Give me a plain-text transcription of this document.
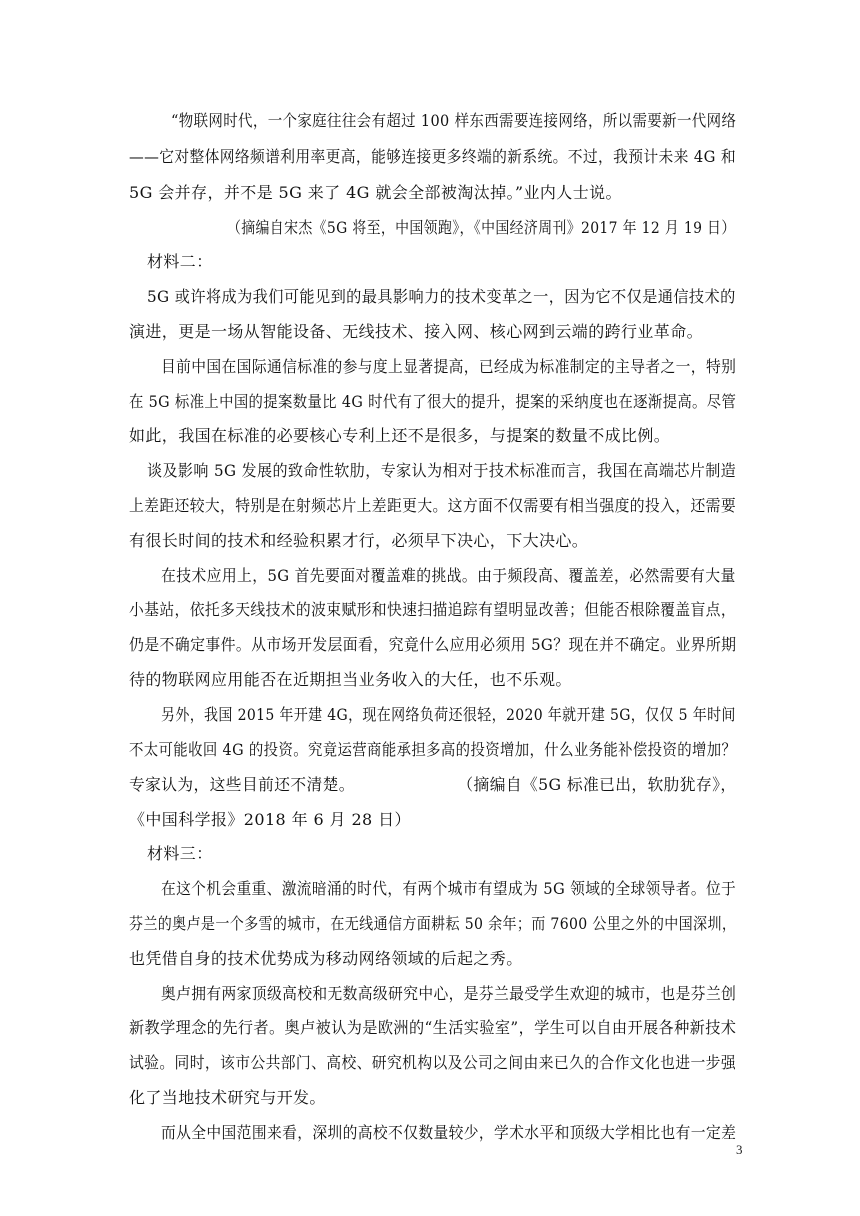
“物联网时代，一个家庭往往会有超过 100 样东西需要连接网络，所以需要新一代网络
——它对整体网络频谱利用率更高，能够连接更多终端的新系统。不过，我预计未来 4G 和
5G 会并存，并不是 5G 来了 4G 就会全部被淘汰掉。”业内人士说。
（摘编自宋杰《5G 将至，中国领跑》，《中国经济周刊》2017 年 12 月 19 日）
材料二：
5G 或许将成为我们可能见到的最具影响力的技术变革之一，因为它不仅是通信技术的
演进，更是一场从智能设备、无线技术、接入网、核心网到云端的跨行业革命。
目前中国在国际通信标准的参与度上显著提高，已经成为标准制定的主导者之一，特别
在 5G 标准上中国的提案数量比 4G 时代有了很大的提升，提案的采纳度也在逐渐提高。尽管
如此，我国在标准的必要核心专利上还不是很多，与提案的数量不成比例。
谈及影响 5G 发展的致命性软肋，专家认为相对于技术标准而言，我国在高端芯片制造
上差距还较大，特别是在射频芯片上差距更大。这方面不仅需要有相当强度的投入，还需要
有很长时间的技术和经验积累才行，必须早下决心，下大决心。
在技术应用上，5G 首先要面对覆盖难的挑战。由于频段高、覆盖差，必然需要有大量
小基站，依托多天线技术的波束赋形和快速扫描追踪有望明显改善；但能否根除覆盖盲点，
仍是不确定事件。从市场开发层面看，究竟什么应用必须用 5G？现在并不确定。业界所期
待的物联网应用能否在近期担当业务收入的大任，也不乐观。
另外，我国 2015 年开建 4G，现在网络负荷还很轻，2020 年就开建 5G，仅仅 5 年时间
不太可能收回 4G 的投资。究竟运营商能承担多高的投资增加，什么业务能补偿投资的增加？
专家认为，这些目前还不清楚。                   （摘编自《5G 标准已出，软肋犹存》，
《中国科学报》2018 年 6 月 28 日）
材料三：
在这个机会重重、激流暗涌的时代，有两个城市有望成为 5G 领域的全球领导者。位于
芬兰的奥卢是一个多雪的城市，在无线通信方面耕耘 50 余年；而 7600 公里之外的中国深圳，
也凭借自身的技术优势成为移动网络领域的后起之秀。
奥卢拥有两家顶级高校和无数高级研究中心，是芬兰最受学生欢迎的城市，也是芬兰创
新教学理念的先行者。奥卢被认为是欧洲的“生活实验室”，学生可以自由开展各种新技术
试验。同时，该市公共部门、高校、研究机构以及公司之间由来已久的合作文化也进一步强
化了当地技术研究与开发。
而从全中国范围来看，深圳的高校不仅数量较少，学术水平和顶级大学相比也有一定差
3
